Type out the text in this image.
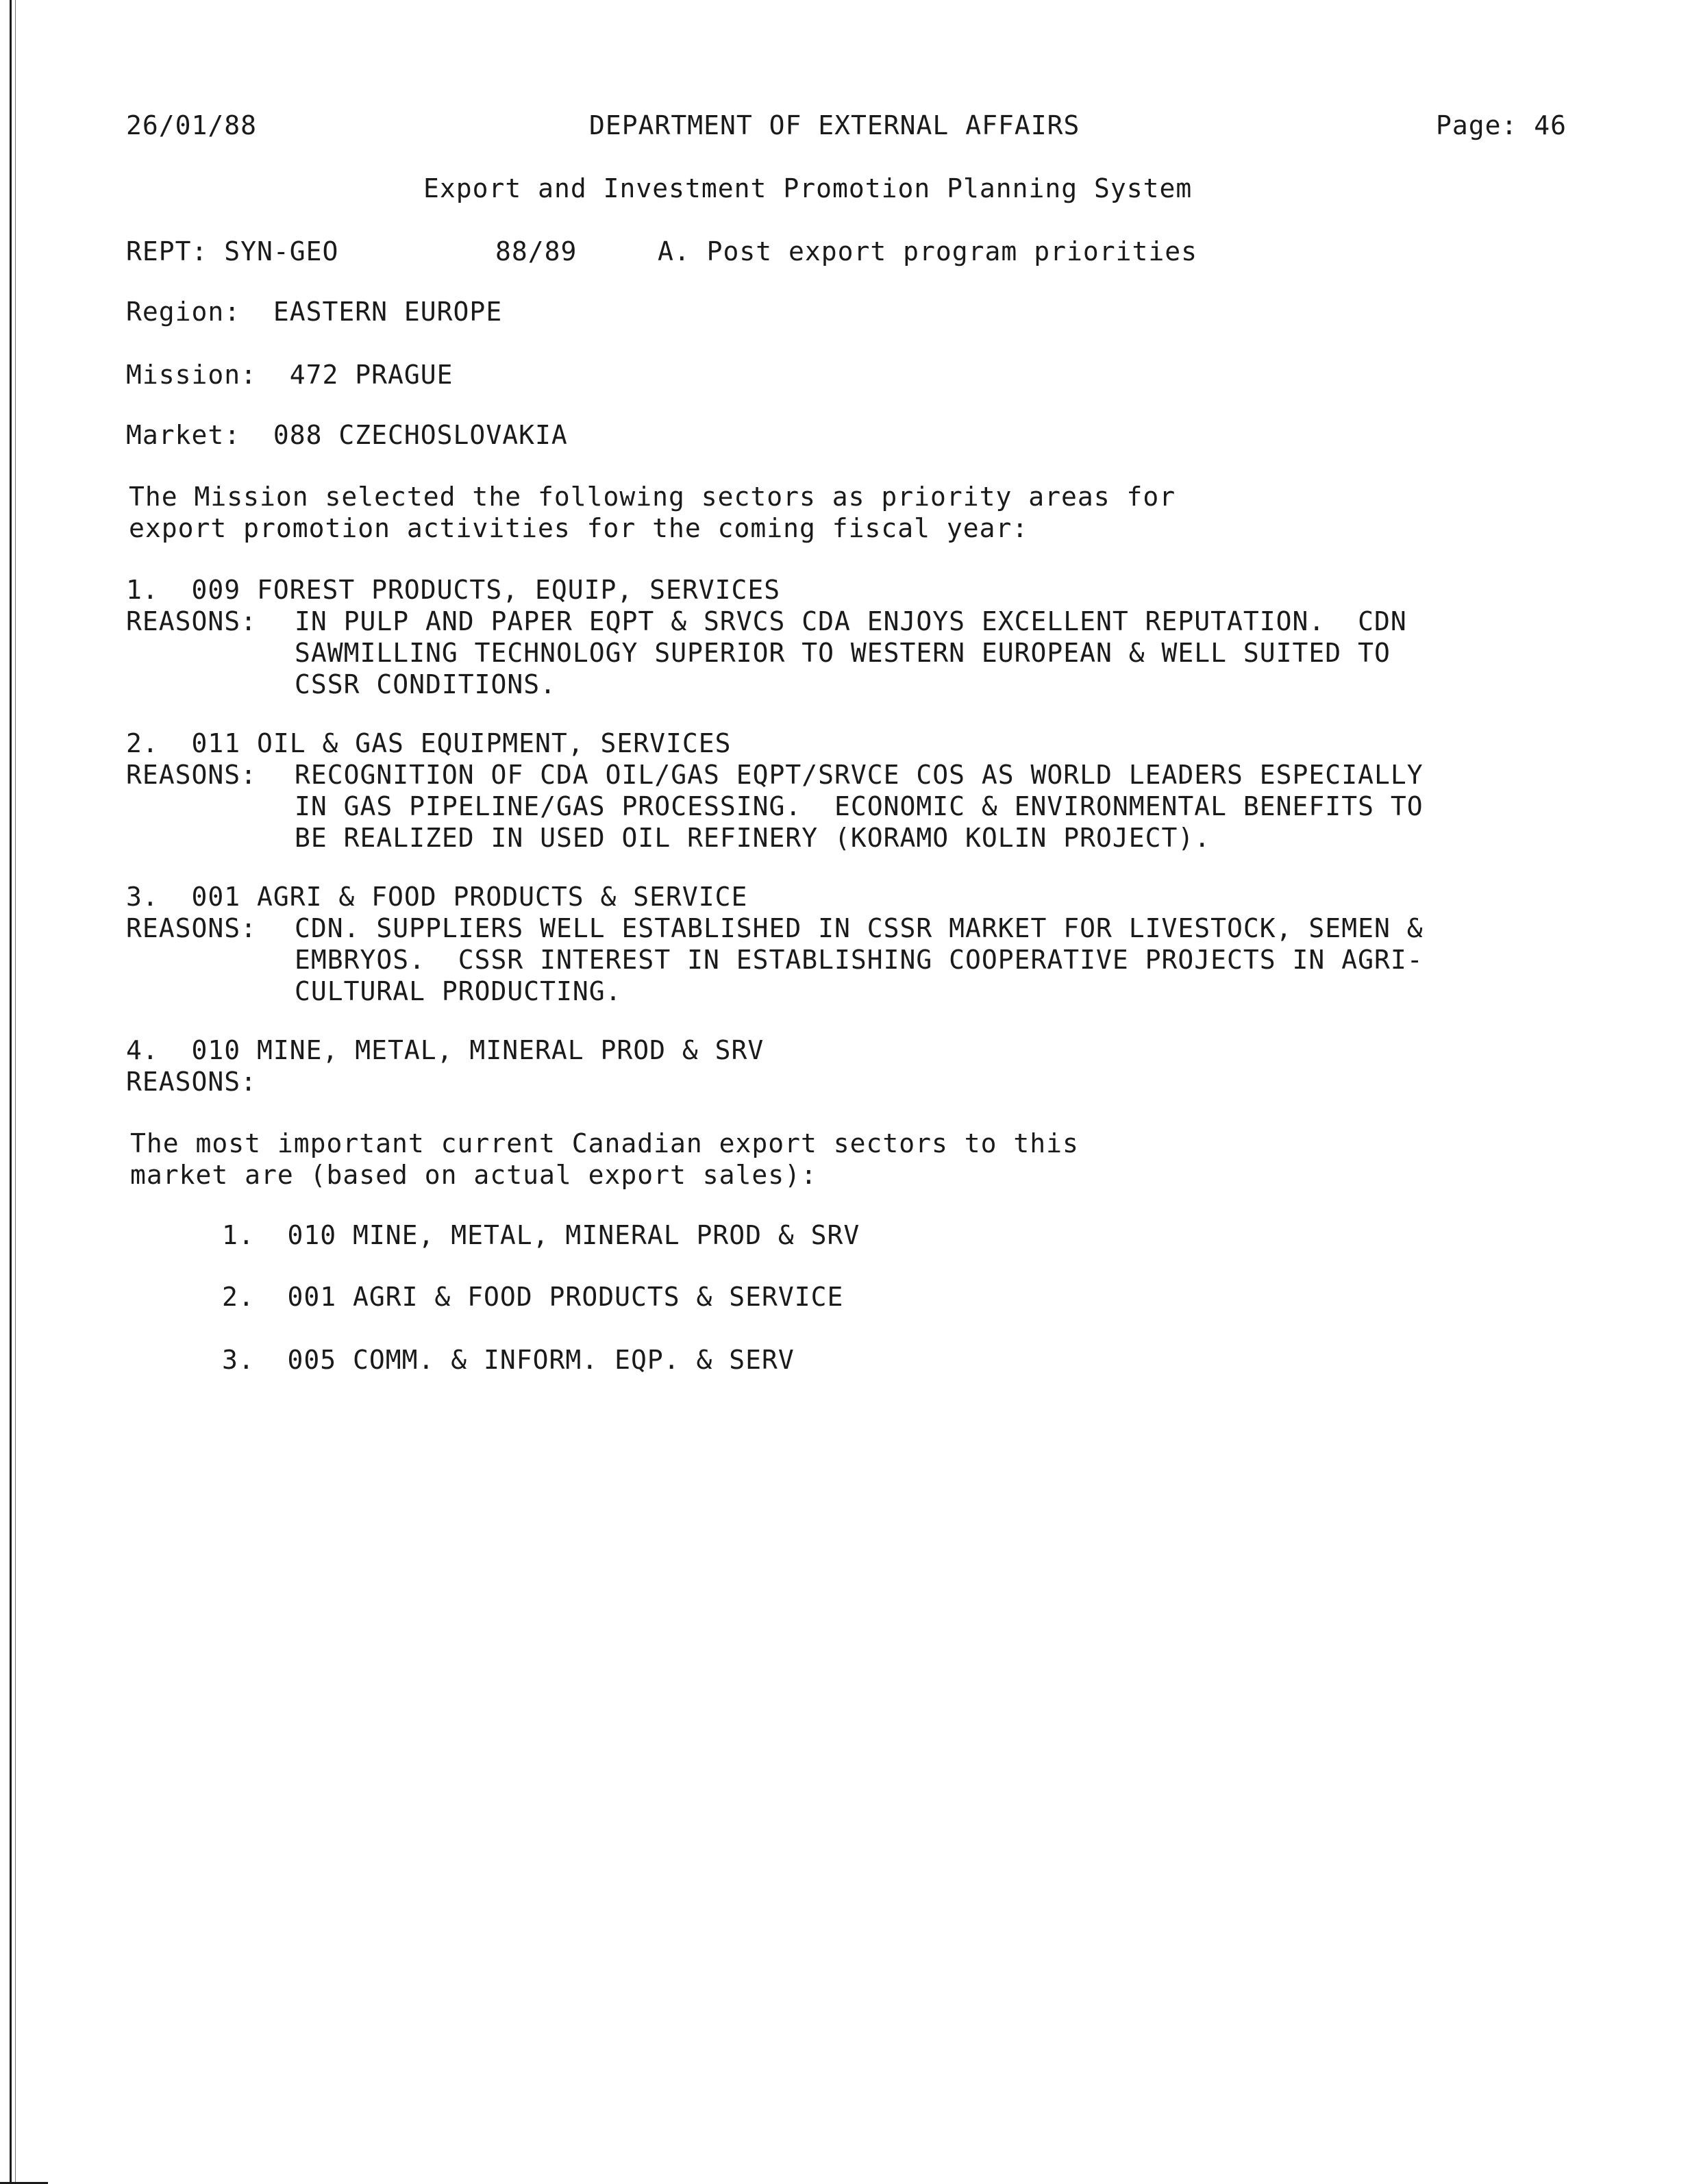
26/01/88	DEPARTMENT OF EXTERNAL AFFAIRS	Page: 46
Export and Investment Promotion Planning System
REPT: SYN-GEO	88/89	A. Post export program priorities
Region:  EASTERN EUROPE
Mission:  472 PRAGUE
Market:  088 CZECHOSLOVAKIA
The Mission selected the following sectors as priority areas for
export promotion activities for the coming fiscal year:
1.  009 FOREST PRODUCTS, EQUIP, SERVICES

REASONS:

IN PULP AND PAPER EQPT & SRVCS CDA ENJOYS EXCELLENT REPUTATION.  CDN
SAWMILLING TECHNOLOGY SUPERIOR TO WESTERN EUROPEAN & WELL SUITED TO
CSSR CONDITIONS.

2.  011 OIL & GAS EQUIPMENT, SERVICES

REASONS:

RECOGNITION OF CDA OIL/GAS EQPT/SRVCE COS AS WORLD LEADERS ESPECIALLY
IN GAS PIPELINE/GAS PROCESSING.  ECONOMIC & ENVIRONMENTAL BENEFITS TO
BE REALIZED IN USED OIL REFINERY (KORAMO KOLIN PROJECT).

3.  001 AGRI & FOOD PRODUCTS & SERVICE

REASONS:

CDN. SUPPLIERS WELL ESTABLISHED IN CSSR MARKET FOR LIVESTOCK, SEMEN &
EMBRYOS.  CSSR INTEREST IN ESTABLISHING COOPERATIVE PROJECTS IN AGRI-
CULTURAL PRODUCTING.

4.  010 MINE, METAL, MINERAL PROD & SRV

REASONS:

The most important current Canadian export sectors to this
market are (based on actual export sales):
1.  010 MINE, METAL, MINERAL PROD & SRV
2.  001 AGRI & FOOD PRODUCTS & SERVICE
3.  005 COMM. & INFORM. EQP. & SERV
